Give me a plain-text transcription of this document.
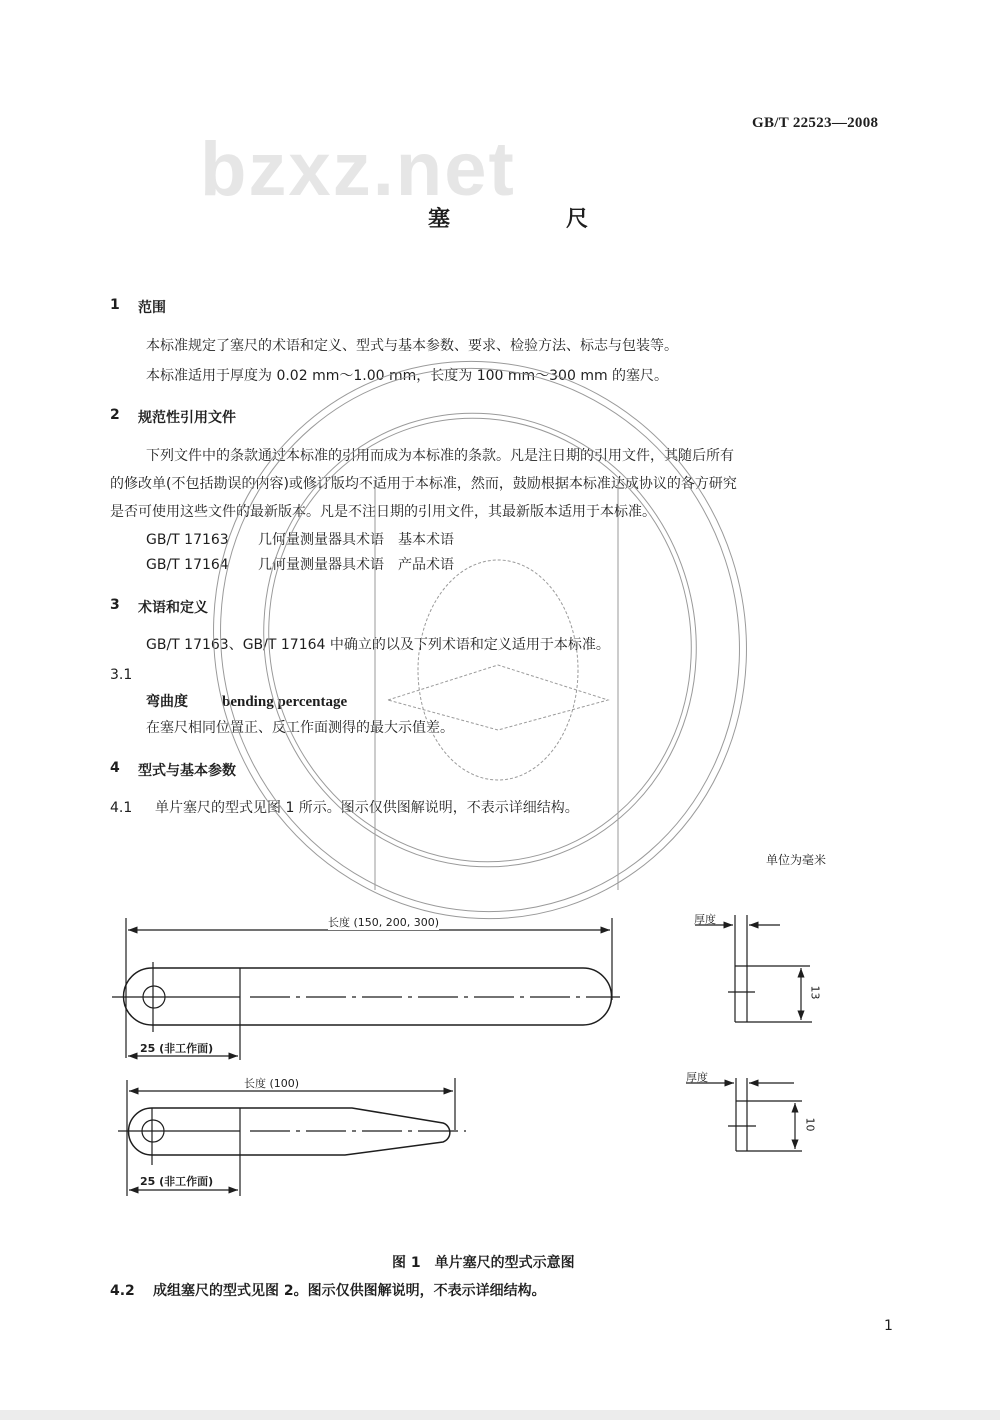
GB/T 22523—2008
bzxz.net
塞	尺
1 范围
本标准规定了塞尺的术语和定义、型式与基本参数、要求、检验方法、标志与包装等。
本标准适用于厚度为 0.02 mm～1.00 mm，长度为 100 mm～300 mm 的塞尺。
2 规范性引用文件
下列文件中的条款通过本标准的引用而成为本标准的条款。凡是注日期的引用文件，其随后所有
的修改单(不包括勘误的内容)或修订版均不适用于本标准，然而，鼓励根据本标准达成协议的各方研究
是否可使用这些文件的最新版本。凡是不注日期的引用文件，其最新版本适用于本标准。
GB/T 17163 几何量测量器具术语　基本术语
GB/T 17164 几何量测量器具术语　产品术语
3 术语和定义
GB/T 17163、GB/T 17164 中确立的以及下列术语和定义适用于本标准。
3.1
弯曲度 bending percentage
在塞尺相同位置正、反工作面测得的最大示值差。
4 型式与基本参数
4.1 单片塞尺的型式见图 1 所示。图示仅供图解说明，不表示详细结构。
单位为毫米
长度 (150, 200, 300)
25 (非工作面)
长度 (100)
25 (非工作面)
厚度
13
厚度
10
图 1　单片塞尺的型式示意图
4.2 成组塞尺的型式见图 2。图示仅供图解说明，不表示详细结构。
1
